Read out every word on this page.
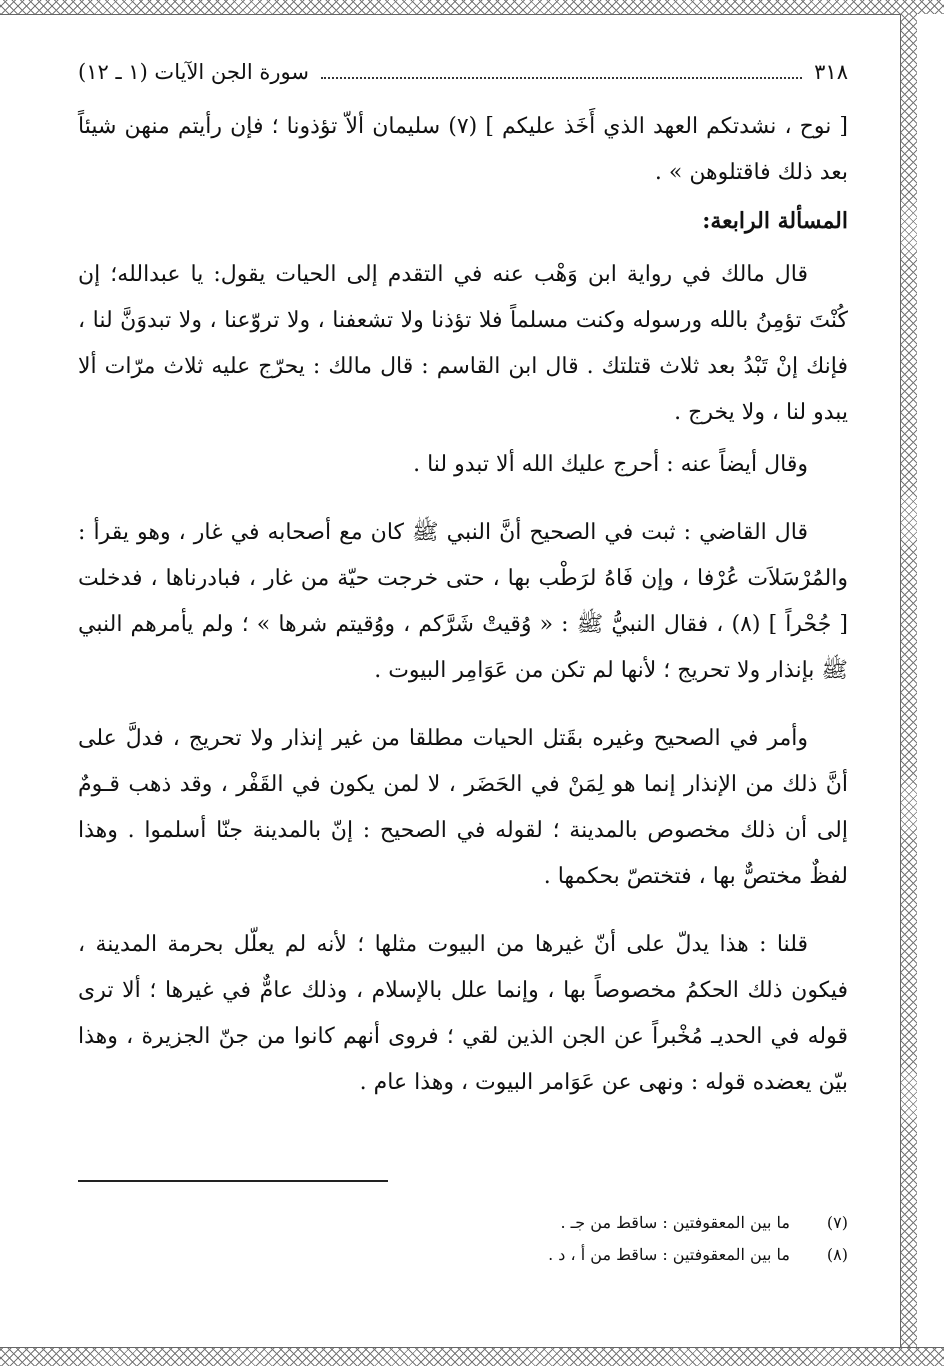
٣١٨
سورة الجن الآيات (١ ـ ١٢)

[ نوح ، نشدتكم العهد الذي أَخَذ عليكم ] (٧) سليمان ألاّ تؤذونا ؛ فإن رأيتم منهن شيئاً بعد ذلك فاقتلوهن » .

المسألة الرابعة:

قال مالك في رواية ابن وَهْب عنه في التقدم إلى الحيات يقول: يا عبدالله؛ إن كُنْتَ تؤمِنُ بالله ورسوله وكنت مسلماً فلا تؤذنا ولا تشعفنا ، ولا تروّعنا ، ولا تبدوَنَّ لنا ، فإنك إنْ تَبْدُ بعد ثلاث قتلتك . قال ابن القاسم : قال مالك : يحرّج عليه ثلاث مرّات ألا يبدو لنا ، ولا يخرج .

وقال أيضاً عنه : أحرج عليك الله ألا تبدو لنا .

قال القاضي : ثبت في الصحيح أنَّ النبي ﷺ كان مع أصحابه في غار ، وهو يقرأ : والمُرْسَلاَت عُرْفا ، وإن فَاهُ لرَطْب بها ، حتى خرجت حيّة من غار ، فبادرناها ، فدخلت [ جُحْراً ] (٨) ، فقال النبيُّ ﷺ : « وُقيتْ شَرَّكم ، ووُقيتم شرها » ؛ ولم يأمرهم النبي ﷺ بإنذار ولا تحريج ؛ لأنها لم تكن من عَوَامِر البيوت .

وأمر في الصحيح وغيره بقَتل الحيات مطلقا من غير إنذار ولا تحريج ، فدلَّ على أنَّ ذلك من الإنذار إنما هو لِمَنْ في الحَضَر ، لا لمن يكون في القَفْر ، وقد ذهب قـومٌ إلى أن ذلك مخصوص بالمدينة ؛ لقوله في الصحيح : إنّ بالمدينة جنّا أسلموا . وهذا لفظٌ مختصٌّ بها ، فتختصّ بحكمها .

قلنا : هذا يدلّ على أنّ غيرها من البيوت مثلها ؛ لأنه لم يعلّل بحرمة المدينة ، فيكون ذلك الحكمُ مخصوصاً بها ، وإنما علل بالإسلام ، وذلك عامٌّ في غيرها ؛ ألا ترى قوله في الحديـ مُخْبراً عن الجن الذين لقي ؛ فروى أنهم كانوا من جنّ الجزيرة ، وهذا بيّن يعضده قوله : ونهى عن عَوَامر البيوت ، وهذا عام .

(٧)ما بين المعقوفتين : ساقط من جـ .
(٨)ما بين المعقوفتين : ساقط من أ ، د .
